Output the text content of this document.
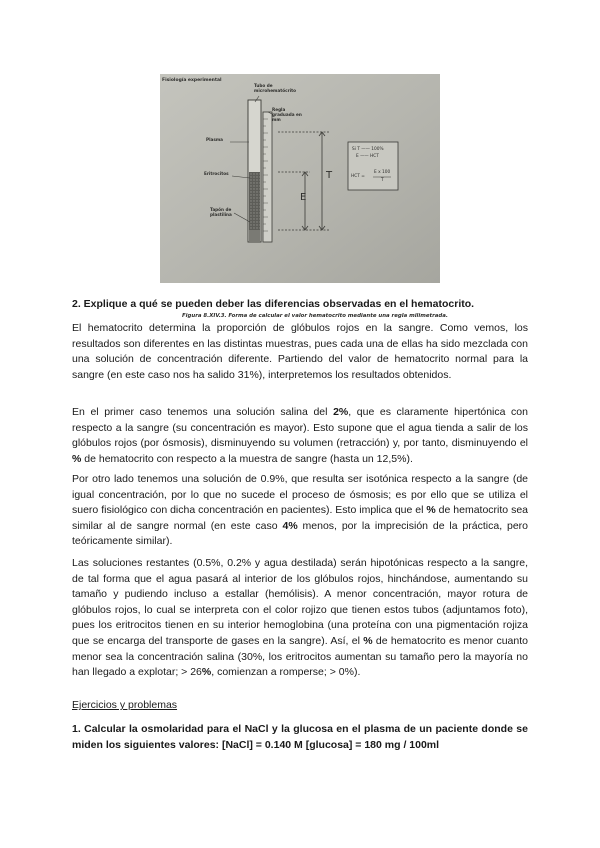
Fisiología experimental
Tubo de microhematócrito
Regla graduada en mm
Plasma
Eritrocitos
Tapón de plastilina
T
E
Si T —— 100%
E —— HCT
HCT =
E x 100
T
Figura 8.XIV.3. Forma de calcular el valor hematocrito mediante una regla milimetrada.
2. Explique a qué se pueden deber las diferencias observadas en el hematocrito.
El hematocrito determina la proporción de glóbulos rojos en la sangre. Como vemos, los resultados son diferentes en las distintas muestras, pues cada una de ellas ha sido mezclada con una solución de concentración diferente. Partiendo del valor de hematocrito normal para la sangre (en este caso nos ha salido 31%), interpretemos los resultados obtenidos.
En el primer caso tenemos una solución salina del 2%, que es claramente hipertónica con respecto a la sangre (su concentración es mayor). Esto supone que el agua tienda a salir de los glóbulos rojos (por ósmosis), disminuyendo su volumen (retracción) y, por tanto, disminuyendo el % de hematocrito con respecto a la muestra de sangre (hasta un 12,5%).
Por otro lado tenemos una solución de 0.9%, que resulta ser isotónica respecto a la sangre (de igual concentración, por lo que no sucede el proceso de ósmosis; es por ello que se utiliza el suero fisiológico con dicha concentración en pacientes). Esto implica que el % de hematocrito sea similar al de sangre normal (en este caso 4% menos, por la imprecisión de la práctica, pero teóricamente similar).
Las soluciones restantes (0.5%, 0.2% y agua destilada) serán hipotónicas respecto a la sangre, de tal forma que el agua pasará al interior de los glóbulos rojos, hinchándose, aumentando su tamaño y pudiendo incluso a estallar (hemólisis). A menor concentración, mayor rotura de glóbulos rojos, lo cual se interpreta con el color rojizo que tienen estos tubos (adjuntamos foto), pues los eritrocitos tienen en su interior hemoglobina (una proteína con una pigmentación rojiza que se encarga del transporte de gases en la sangre). Así, el % de hematocrito es menor cuanto menor sea la concentración salina (30%, los eritrocitos aumentan su tamaño pero la mayoría no han llegado a explotar; > 26%, comienzan a romperse; > 0%).
Ejercicios y problemas
1. Calcular la osmolaridad para el NaCl y la glucosa en el plasma de un paciente donde se miden los siguientes valores: [NaCl] = 0.140 M [glucosa] = 180 mg / 100ml
